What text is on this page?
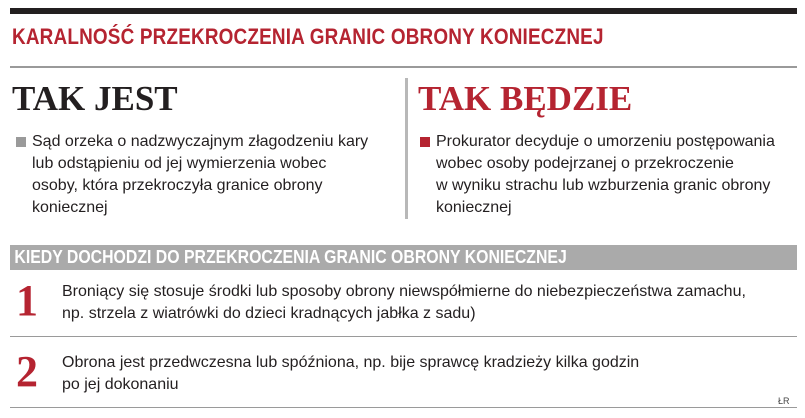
KARALNOŚĆ PRZEKROCZENIA GRANIC OBRONY KONIECZNEJ
TAK JEST	TAK BĘDZIE
Sąd orzeka o nadzwyczajnym złagodzeniu kary
lub odstąpieniu od jej wymierzenia wobec
osoby, która przekroczyła granice obrony
koniecznej
Prokurator decyduje o umorzeniu postępowania
wobec osoby podejrzanej o przekroczenie
w wyniku strachu lub wzburzenia granic obrony
koniecznej
KIEDY DOCHODZI DO PRZEKROCZENIA GRANIC OBRONY KONIECZNEJ
1 Broniący się stosuje środki lub sposoby obrony niewspółmierne do niebezpieczeństwa zamachu,
np. strzela z wiatrówki do dzieci kradnących jabłka z sadu)
2 Obrona jest przedwczesna lub spóźniona, np. bije sprawcę kradzieży kilka godzin
po jej dokonaniu
ŁR
